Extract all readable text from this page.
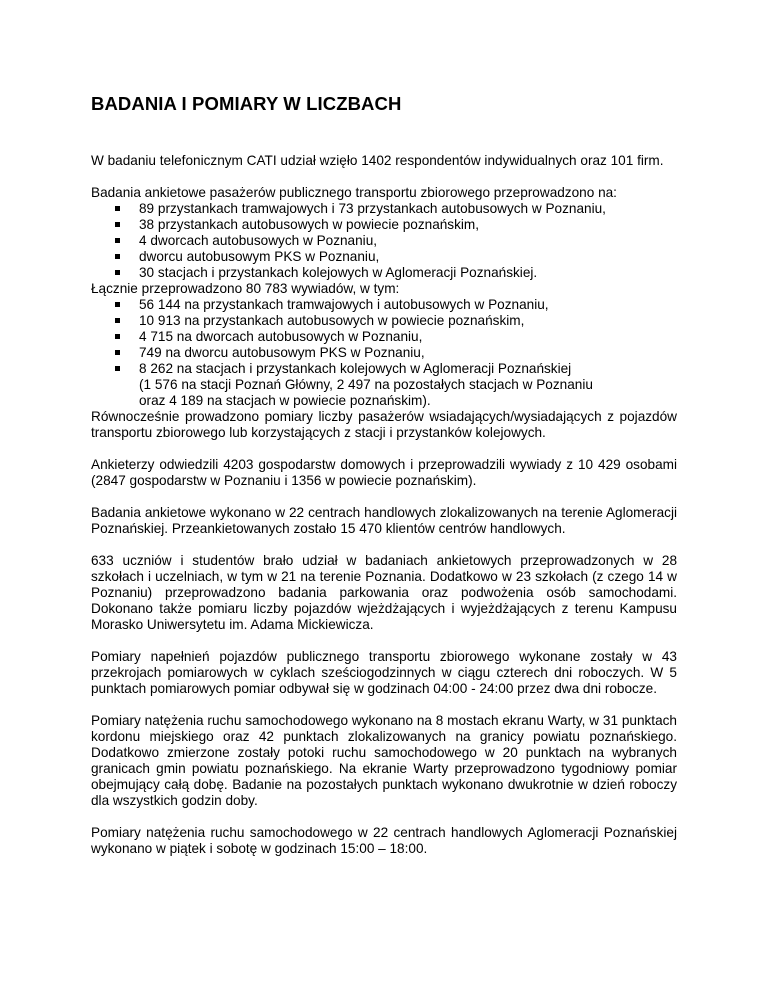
BADANIA I POMIARY W LICZBACH

W badaniu telefonicznym CATI udział wzięło 1402 respondentów indywidualnych oraz 101 firm.

Badania ankietowe pasażerów publicznego transportu zbiorowego przeprowadzono na:

89 przystankach tramwajowych i 73 przystankach autobusowych w Poznaniu,
38 przystankach autobusowych w powiecie poznańskim,
4 dworcach autobusowych w Poznaniu,
dworcu autobusowym PKS w Poznaniu,
30 stacjach i przystankach kolejowych w Aglomeracji Poznańskiej.

Łącznie przeprowadzono 80 783 wywiadów, w tym:

56 144 na przystankach tramwajowych i autobusowych w Poznaniu,
10 913 na przystankach autobusowych w powiecie poznańskim,
4 715 na dworcach autobusowych w Poznaniu,
749 na dworcu autobusowym PKS w Poznaniu,
8 262 na stacjach i przystankach kolejowych w Aglomeracji Poznańskiej
(1 576 na stacji Poznań Główny, 2 497 na pozostałych stacjach w Poznaniu
oraz 4 189 na stacjach w powiecie poznańskim).

Równocześnie prowadzono pomiary liczby pasażerów wsiadających/wysiadających z pojazdów transportu zbiorowego lub korzystających z stacji i przystanków kolejowych.

Ankieterzy odwiedzili 4203 gospodarstw domowych i przeprowadzili wywiady z 10 429 osobami (2847 gospodarstw w Poznaniu i 1356 w powiecie poznańskim).

Badania ankietowe wykonano w 22 centrach handlowych zlokalizowanych na terenie Aglomeracji Poznańskiej. Przeankietowanych zostało 15 470 klientów centrów handlowych.

633 uczniów i studentów brało udział w badaniach ankietowych przeprowadzonych w 28 szkołach i uczelniach, w tym w 21 na terenie Poznania. Dodatkowo w 23 szkołach (z czego 14 w Poznaniu) przeprowadzono badania parkowania oraz podwożenia osób samochodami. Dokonano także pomiaru liczby pojazdów wjeżdżających i wyjeżdżających z terenu Kampusu Morasko Uniwersytetu im. Adama Mickiewicza.

Pomiary napełnień pojazdów publicznego transportu zbiorowego wykonane zostały w 43 przekrojach pomiarowych w cyklach sześciogodzinnych w ciągu czterech dni roboczych. W 5 punktach pomiarowych pomiar odbywał się w godzinach 04:00 - 24:00 przez dwa dni robocze.

Pomiary natężenia ruchu samochodowego wykonano na 8 mostach ekranu Warty, w 31 punktach kordonu miejskiego oraz 42 punktach zlokalizowanych na granicy powiatu poznańskiego. Dodatkowo zmierzone zostały potoki ruchu samochodowego w 20 punktach na wybranych granicach gmin powiatu poznańskiego. Na ekranie Warty przeprowadzono tygodniowy pomiar obejmujący całą dobę. Badanie na pozostałych punktach wykonano dwukrotnie w dzień roboczy dla wszystkich godzin doby.

Pomiary natężenia ruchu samochodowego w 22 centrach handlowych Aglomeracji Poznańskiej wykonano w piątek i sobotę w godzinach 15:00 – 18:00.
